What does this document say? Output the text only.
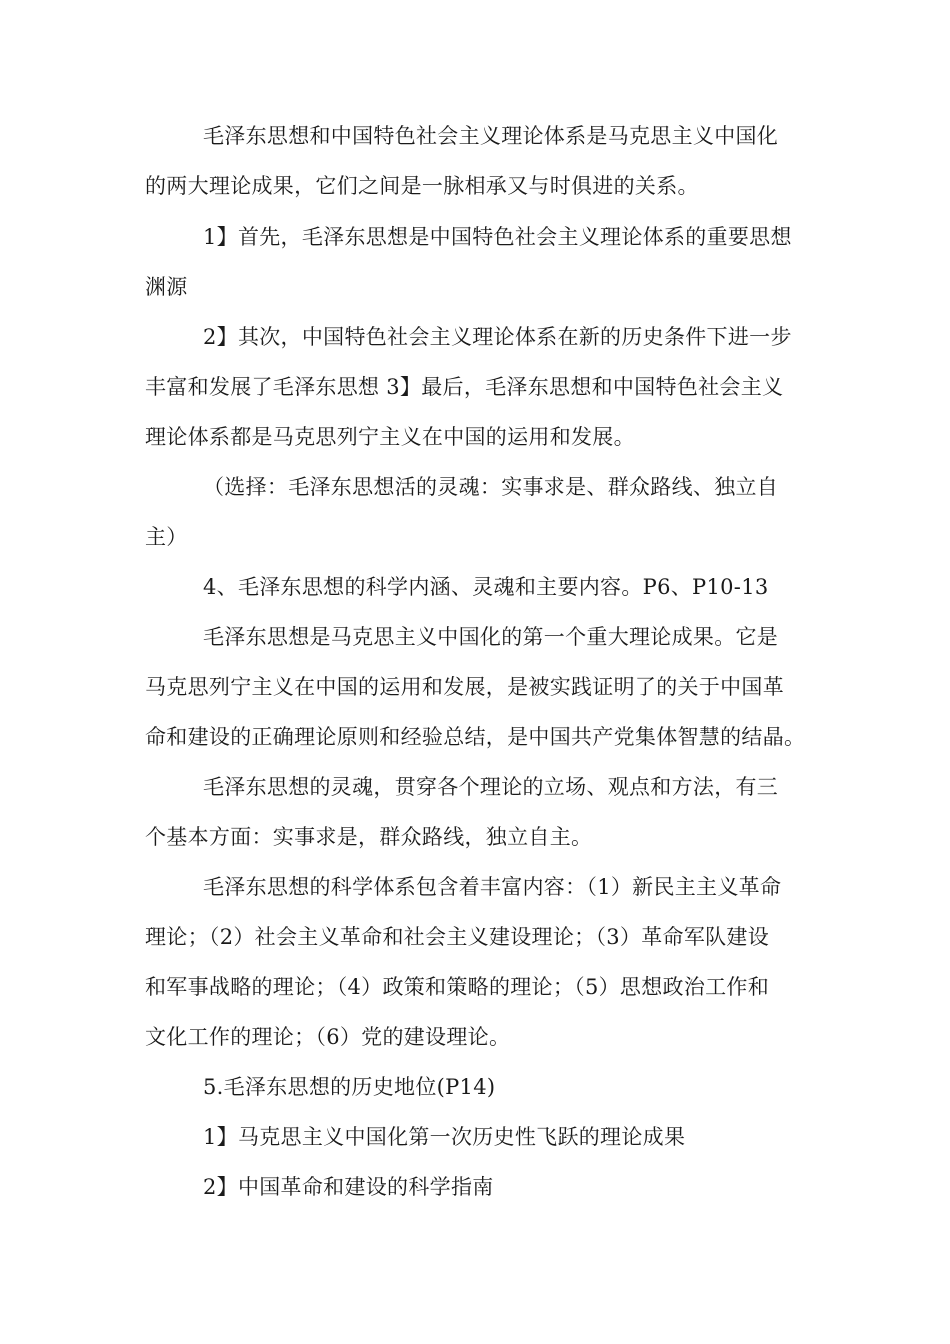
毛泽东思想和中国特色社会主义理论体系是马克思主义中国化
的两大理论成果，它们之间是一脉相承又与时俱进的关系。
1】首先，毛泽东思想是中国特色社会主义理论体系的重要思想
渊源
2】其次，中国特色社会主义理论体系在新的历史条件下进一步
丰富和发展了毛泽东思想 3】最后，毛泽东思想和中国特色社会主义
理论体系都是马克思列宁主义在中国的运用和发展。
（选择：毛泽东思想活的灵魂：实事求是、群众路线、独立自
主）
4、毛泽东思想的科学内涵、灵魂和主要内容。P6、P10-13
毛泽东思想是马克思主义中国化的第一个重大理论成果。它是
马克思列宁主义在中国的运用和发展，是被实践证明了的关于中国革
命和建设的正确理论原则和经验总结，是中国共产党集体智慧的结晶。
毛泽东思想的灵魂，贯穿各个理论的立场、观点和方法，有三
个基本方面：实事求是，群众路线，独立自主。
毛泽东思想的科学体系包含着丰富内容：（1）新民主主义革命
理论；（2）社会主义革命和社会主义建设理论；（3）革命军队建设
和军事战略的理论；（4）政策和策略的理论；（5）思想政治工作和
文化工作的理论；（6）党的建设理论。
5.毛泽东思想的历史地位(P14)
1】马克思主义中国化第一次历史性飞跃的理论成果
2】中国革命和建设的科学指南
